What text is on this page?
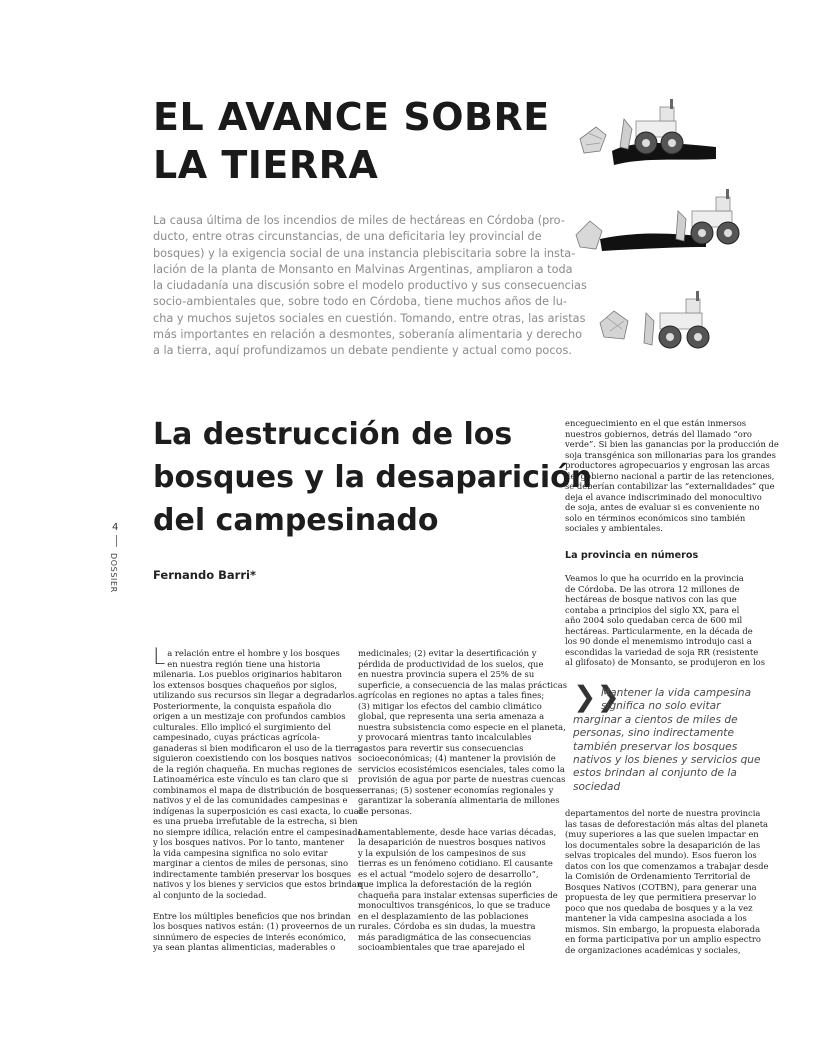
EL AVANCE SOBRE
LA TIERRA

La causa última de los incendios de miles de hectáreas en Córdoba (pro-
ducto, entre otras circunstancias, de una deficitaria ley provincial de
bosques) y la exigencia social de una instancia plebiscitaria sobre la insta-
lación de la planta de Monsanto en Malvinas Argentinas, ampliaron a toda
la ciudadanía una discusión sobre el modelo productivo y sus consecuencias
socio-ambientales que, sobre todo en Córdoba, tiene muchos años de lu-
cha y muchos sujetos sociales en cuestión. Tomando, entre otras, las aristas
más importantes en relación a desmontes, soberanía alimentaria y derecho
a la tierra, aquí profundizamos un debate pendiente y actual como pocos.

La destrucción de los
bosques y la desaparición
del campesinado
4
DOSSIER	Fernando Barri*

L a relación entre el hombre y los bosques
en nuestra región tiene una historia
milenaria. Los pueblos originarios habitaron
los extensos bosques chaqueños por siglos,
utilizando sus recursos sin llegar a degradarlos.
Posteriormente, la conquista española dio
origen a un mestizaje con profundos cambios
culturales. Ello implicó el surgimiento del
campesinado, cuyas prácticas agrícola-
ganaderas si bien modificaron el uso de la tierra,
siguieron coexistiendo con los bosques nativos
de la región chaqueña. En muchas regiones de
Latinoamérica este vínculo es tan claro que si
combinamos el mapa de distribución de bosques
nativos y el de las comunidades campesinas e
indígenas la superposición es casi exacta, lo cual
es una prueba irrefutable de la estrecha, si bien
no siempre idílica, relación entre el campesinado
y los bosques nativos. Por lo tanto, mantener
la vida campesina significa no solo evitar
marginar a cientos de miles de personas, sino
indirectamente también preservar los bosques
nativos y los bienes y servicios que estos brindan
al conjunto de la sociedad.
Entre los múltiples beneficios que nos brindan
los bosques nativos están: (1) proveernos de un
sinnúmero de especies de interés económico,
ya sean plantas alimenticias, maderables o
medicinales; (2) evitar la desertificación y
pérdida de productividad de los suelos, que
en nuestra provincia supera el 25% de su
superficie, a consecuencia de las malas prácticas
agrícolas en regiones no aptas a tales fines;
(3) mitigar los efectos del cambio climático
global, que representa una seria amenaza a
nuestra subsistencia como especie en el planeta,
y provocará mientras tanto incalculables
gastos para revertir sus consecuencias
socioeconómicas; (4) mantener la provisión de
servicios ecosistémicos esenciales, tales como la
provisión de agua por parte de nuestras cuencas
serranas; (5) sostener economías regionales y
garantizar la soberanía alimentaria de millones
de personas.
Lamentablemente, desde hace varias décadas,
la desaparición de nuestros bosques nativos
y la expulsión de los campesinos de sus
tierras es un fenómeno cotidiano. El causante
es el actual “modelo sojero de desarrollo”,
que implica la deforestación de la región
chaqueña para instalar extensas superficies de
monocultivos transgénicos, lo que se traduce
en el desplazamiento de las poblaciones
rurales. Córdoba es sin dudas, la muestra
más paradigmática de las consecuencias
socioambientales que trae aparejado el
enceguecimiento en el que están inmersos
nuestros gobiernos, detrás del llamado “oro
verde”. Si bien las ganancias por la producción de
soja transgénica son millonarias para los grandes
productores agropecuarios y engrosan las arcas
del gobierno nacional a partir de las retenciones,
se deberían contabilizar las “externalidades” que
deja el avance indiscriminado del monocultivo
de soja, antes de evaluar si es conveniente no
solo en términos económicos sino también
sociales y ambientales.
La provincia en números
Veamos lo que ha ocurrido en la provincia
de Córdoba. De las otrora 12 millones de
hectáreas de bosque nativos con las que
contaba a principios del siglo XX, para el
año 2004 solo quedaban cerca de 600 mil
hectáreas. Particularmente, en la década de
los 90 donde el menemismo introdujo casi a
escondidas la variedad de soja RR (resistente
al glifosato) de Monsanto, se produjeron en los
❯❯

Mantener la vida campesina
significa no solo evitar
marginar a cientos de miles de
personas, sino indirectamente
también preservar los bosques
nativos y los bienes y servicios que
estos brindan al conjunto de la
sociedad

departamentos del norte de nuestra provincia
las tasas de deforestación más altas del planeta
(muy superiores a las que suelen impactar en
los documentales sobre la desaparición de las
selvas tropicales del mundo). Esos fueron los
datos con los que comenzamos a trabajar desde
la Comisión de Ordenamiento Territorial de
Bosques Nativos (COTBN), para generar una
propuesta de ley que permitiera preservar lo
poco que nos quedaba de bosques y a la vez
mantener la vida campesina asociada a los
mismos. Sin embargo, la propuesta elaborada
en forma participativa por un amplio espectro
de organizaciones académicas y sociales,
